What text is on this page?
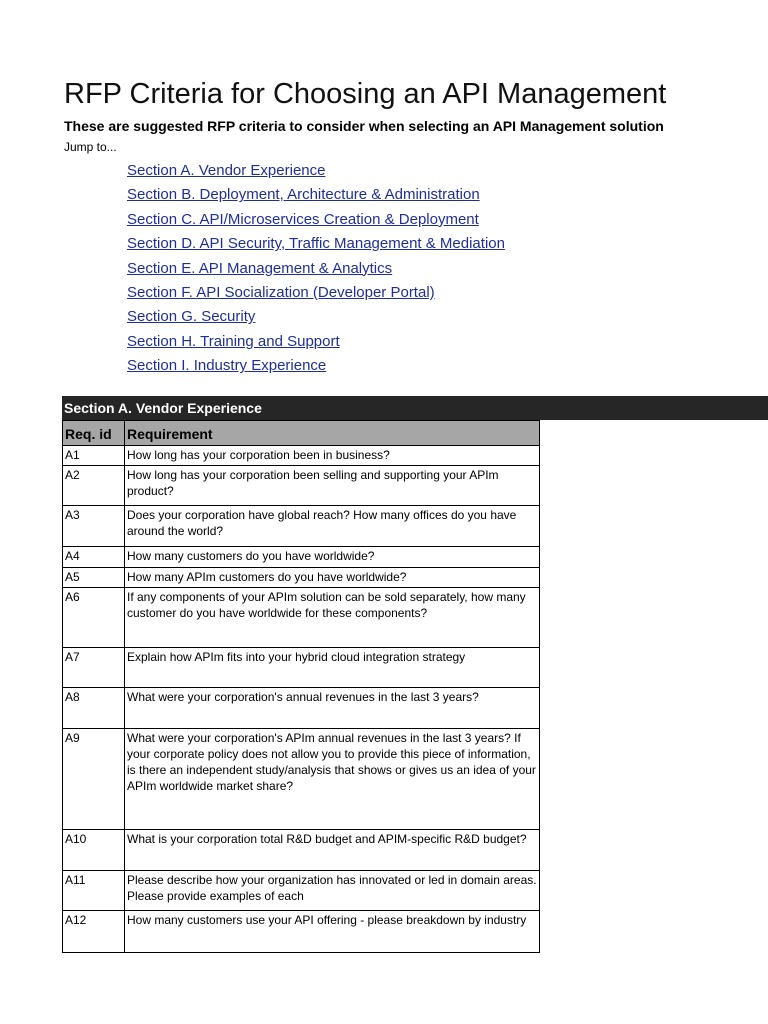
RFP Criteria for Choosing an API Management
These are suggested RFP criteria to consider when selecting an API Management solution
Jump to...
Section A. Vendor Experience
Section B. Deployment, Architecture & Administration
Section C. API/Microservices Creation & Deployment
Section D. API Security, Traffic Management & Mediation
Section E. API Management & Analytics
Section F. API Socialization (Developer Portal)
Section G. Security
Section H. Training and Support
Section I. Industry Experience
Section A. Vendor Experience
Req. id	Requirement
A1	How long has your corporation been in business?
A2	How long has your corporation been selling and supporting your APIm product?
A3	Does your corporation have global reach? How many offices do you have around the world?
A4	How many customers do you have worldwide?
A5	How many APIm customers do you have worldwide?
A6	If any components of your APIm solution can be sold separately, how many customer do you have worldwide for these components?
A7	Explain how APIm fits into your hybrid cloud integration strategy
A8	What were your corporation's annual revenues in the last 3 years?
A9	What were your corporation's APIm annual revenues in the last 3 years? If your corporate policy does not allow you to provide this piece of information, is there an independent study/analysis that shows or gives us an idea of your APIm worldwide market share?
A10	What is your corporation total R&D budget and APIM-specific R&D budget?
A11	Please describe how your organization has innovated or led in domain areas. Please provide examples of each
A12	How many customers use your API offering - please breakdown by industry
